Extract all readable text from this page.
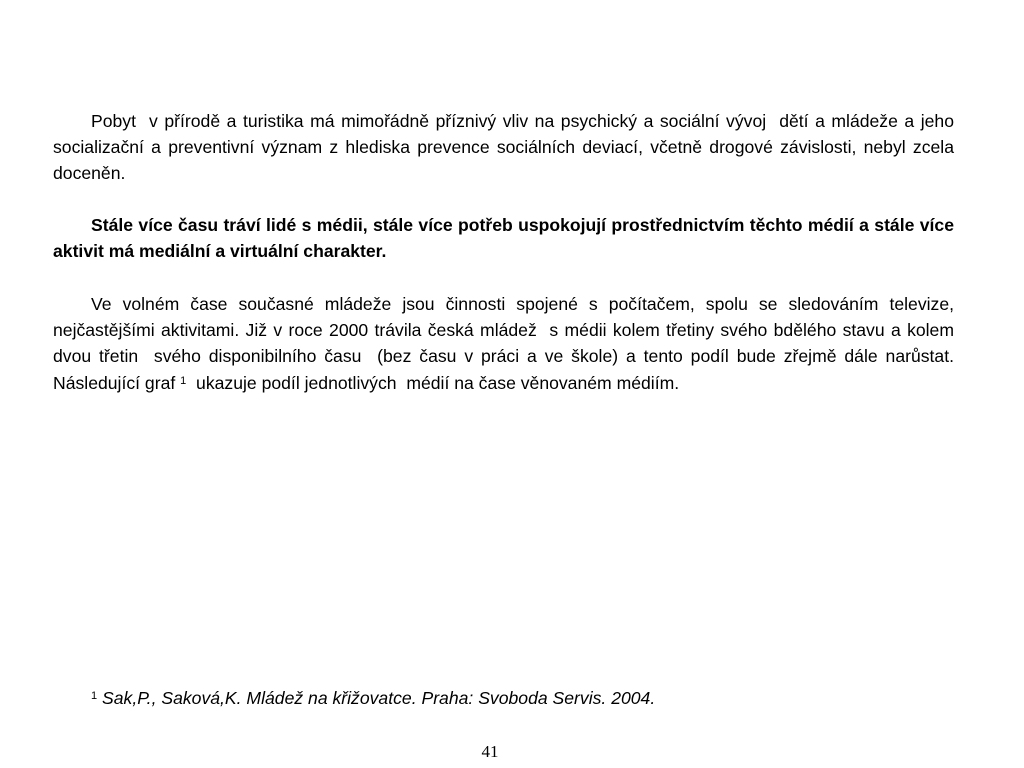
Pobyt  v přírodě a turistika má mimořádně příznivý vliv na psychický a sociální vývoj  dětí a mládeže a jeho socializační a preventivní význam z hlediska prevence sociálních deviací, včetně drogové závislosti, nebyl zcela doceněn.

Stále více času tráví lidé s médii, stále více potřeb uspokojují prostřednictvím těchto médií a stále více aktivit má mediální a virtuální charakter.

Ve volném čase současné mládeže jsou činnosti spojené s počítačem, spolu se sledováním televize, nejčastějšími aktivitami. Již v roce 2000 trávila česká mládež  s médii kolem třetiny svého bdělého stavu a kolem dvou třetin  svého disponibilního času  (bez času v práci a ve škole) a tento podíl bude zřejmě dále narůstat. Následující graf $^1$  ukazuje podíl jednotlivých  médií na čase věnovaném médiím.

$^1$ Sak,P., Saková,K. Mládež na křižovatce. Praha: Svoboda Servis. 2004.
41
